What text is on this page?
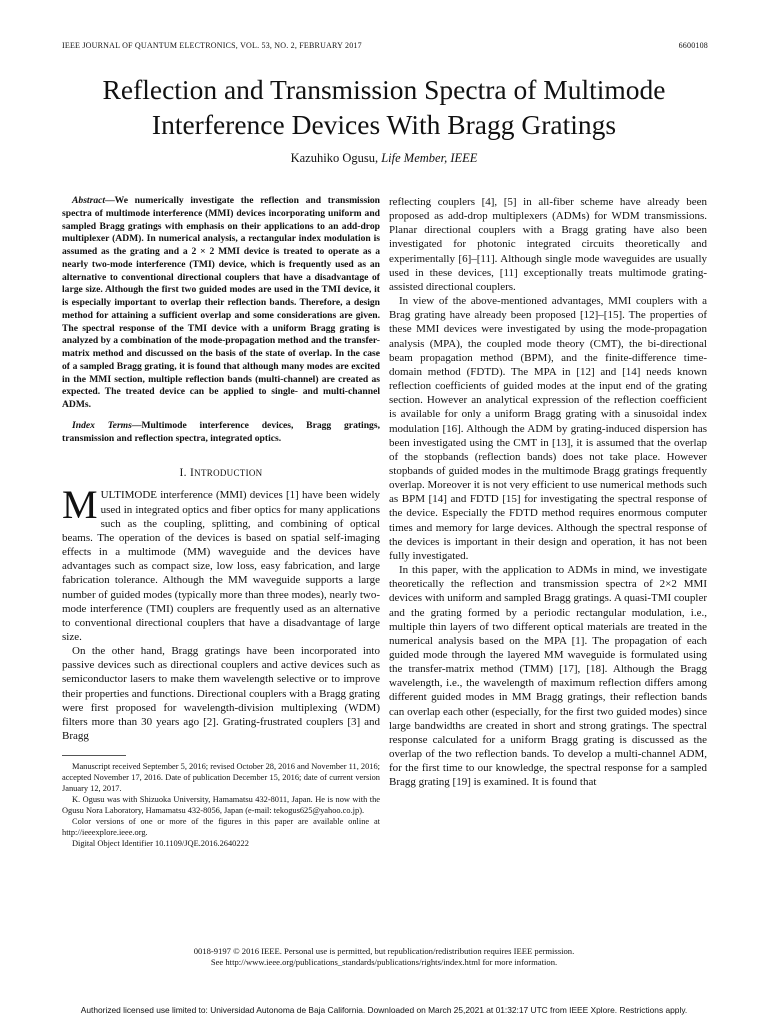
IEEE JOURNAL OF QUANTUM ELECTRONICS, VOL. 53, NO. 2, FEBRUARY 2017	6600108
Reflection and Transmission Spectra of Multimode Interference Devices With Bragg Gratings
Kazuhiko Ogusu, Life Member, IEEE

Abstract—We numerically investigate the reflection and transmission spectra of multimode interference (MMI) devices incorporating uniform and sampled Bragg gratings with emphasis on their applications to an add-drop multiplexer (ADM). In numerical analysis, a rectangular index modulation is assumed as the grating and a 2 × 2 MMI device is treated to operate as a nearly two-mode interference (TMI) device, which is frequently used as an alternative to conventional directional couplers that have a disadvantage of large size. Although the first two guided modes are used in the TMI device, it is especially important to overlap their reflection bands. Therefore, a design method for attaining a sufficient overlap and some considerations are given. The spectral response of the TMI device with a uniform Bragg grating is analyzed by a combination of the mode-propagation method and the transfer-matrix method and discussed on the basis of the state of overlap. In the case of a sampled Bragg grating, it is found that although many modes are excited in the MMI section, multiple reflection bands (multi-channel) are created as expected. The treated device can be applied to single- and multi-channel ADMs.

Index Terms—Multimode interference devices, Bragg gratings, transmission and reflection spectra, integrated optics.

I. INTRODUCTION

MULTIMODE interference (MMI) devices [1] have been widely used in integrated optics and fiber optics for many applications such as the coupling, splitting, and combining of optical beams. The operation of the devices is based on spatial self-imaging effects in a multimode (MM) waveguide and the devices have advantages such as compact size, low loss, easy fabrication, and large fabrication tolerance. Although the MM waveguide supports a large number of guided modes (typically more than three modes), nearly two-mode interference (TMI) couplers are frequently used as an alternative to conventional directional couplers that have a disadvantage of large size.

On the other hand, Bragg gratings have been incorporated into passive devices such as directional couplers and active devices such as semiconductor lasers to make them wavelength selective or to improve their properties and functions. Directional couplers with a Bragg grating were first proposed for wavelength-division multiplexing (WDM) filters more than 30 years ago [2]. Grating-frustrated couplers [3] and Bragg

Manuscript received September 5, 2016; revised October 28, 2016 and November 11, 2016; accepted November 17, 2016. Date of publication December 15, 2016; date of current version January 12, 2017.

K. Ogusu was with Shizuoka University, Hamamatsu 432-8011, Japan. He is now with the Ogusu Nora Laboratory, Hamamatsu 432-8056, Japan (e-mail: tekogus625@yahoo.co.jp).

Color versions of one or more of the figures in this paper are available online at http://ieeexplore.ieee.org.

Digital Object Identifier 10.1109/JQE.2016.2640222

reflecting couplers [4], [5] in all-fiber scheme have already been proposed as add-drop multiplexers (ADMs) for WDM transmissions. Planar directional couplers with a Bragg grating have also been investigated for photonic integrated circuits theoretically and experimentally [6]–[11]. Although single mode waveguides are usually used in these devices, [11] exceptionally treats multimode grating-assisted directional couplers.

In view of the above-mentioned advantages, MMI couplers with a Brag grating have already been proposed [12]–[15]. The properties of these MMI devices were investigated by using the mode-propagation analysis (MPA), the coupled mode theory (CMT), the bi-directional beam propagation method (BPM), and the finite-difference time-domain method (FDTD). The MPA in [12] and [14] needs known reflection coefficients of guided modes at the input end of the grating section. However an analytical expression of the reflection coefficient is available for only a uniform Bragg grating with a sinusoidal index modulation [16]. Although the ADM by grating-induced dispersion has been investigated using the CMT in [13], it is assumed that the overlap of the stopbands (reflection bands) does not take place. However stopbands of guided modes in the multimode Bragg gratings frequently overlap. Moreover it is not very efficient to use numerical methods such as BPM [14] and FDTD [15] for investigating the spectral response of the device. Especially the FDTD method requires enormous computer times and memory for large devices. Although the spectral response of the devices is important in their design and operation, it has not been fully investigated.

In this paper, with the application to ADMs in mind, we investigate theoretically the reflection and transmission spectra of 2×2 MMI devices with uniform and sampled Bragg gratings. A quasi-TMI coupler and the grating formed by a periodic rectangular modulation, i.e., multiple thin layers of two different optical materials are treated in the numerical analysis based on the MPA [1]. The propagation of each guided mode through the layered MM waveguide is formulated using the transfer-matrix method (TMM) [17], [18]. Although the Bragg wavelength, i.e., the wavelength of maximum reflection differs among different guided modes in MM Bragg gratings, their reflection bands can overlap each other (especially, for the first two guided modes) since large bandwidths are created in short and strong gratings. The spectral response calculated for a uniform Bragg grating is discussed as the overlap of the two reflection bands. To develop a multi-channel ADM, for the first time to our knowledge, the spectral response for a sampled Bragg grating [19] is examined. It is found that

0018-9197 © 2016 IEEE. Personal use is permitted, but republication/redistribution requires IEEE permission.
See http://www.ieee.org/publications_standards/publications/rights/index.html for more information.
Authorized licensed use limited to: Universidad Autonoma de Baja California. Downloaded on March 25,2021 at 01:32:17 UTC from IEEE Xplore. Restrictions apply.
